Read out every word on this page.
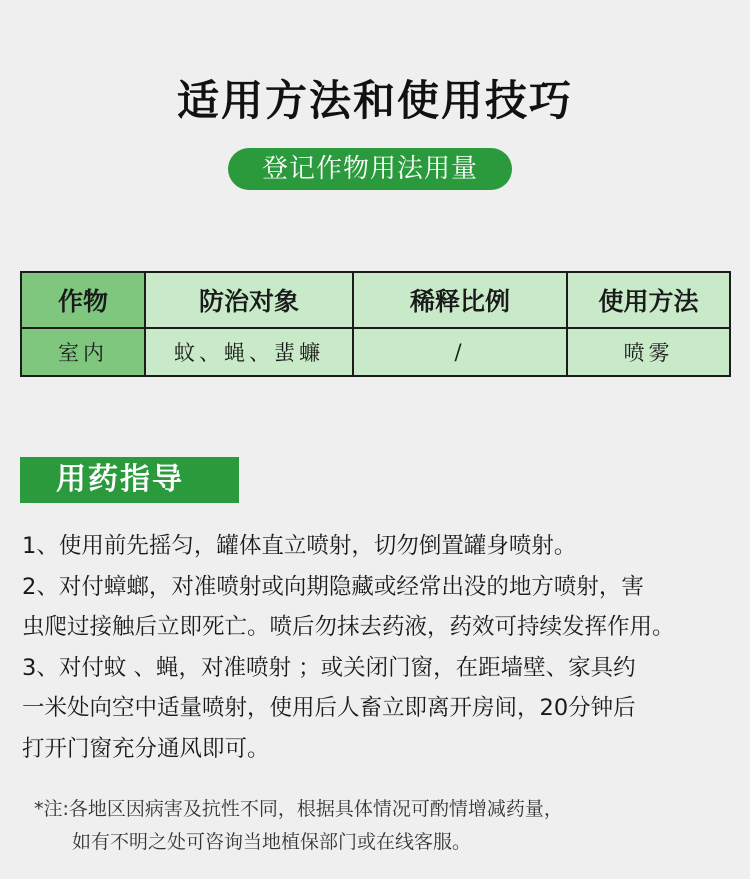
适用方法和使用技巧
登记作物用法用量
作物	防治对象	稀释比例	使用方法
室内	蚊、蝇、蜚蠊	/	喷雾
用药指导
1、使用前先摇匀，罐体直立喷射，切勿倒置罐身喷射。
2、对付蟑螂，对准喷射或向期隐藏或经常出没的地方喷射，害
虫爬过接触后立即死亡。喷后勿抹去药液，药效可持续发挥作用。
3、对付蚊 、蝇，对准喷射 ；或关闭门窗，在距墙壁、家具约
一米处向空中适量喷射，使用后人畜立即离开房间，20分钟后
打开门窗充分通风即可。
*注:各地区因病害及抗性不同，根据具体情况可酌情增减药量，
如有不明之处可咨询当地植保部门或在线客服。
